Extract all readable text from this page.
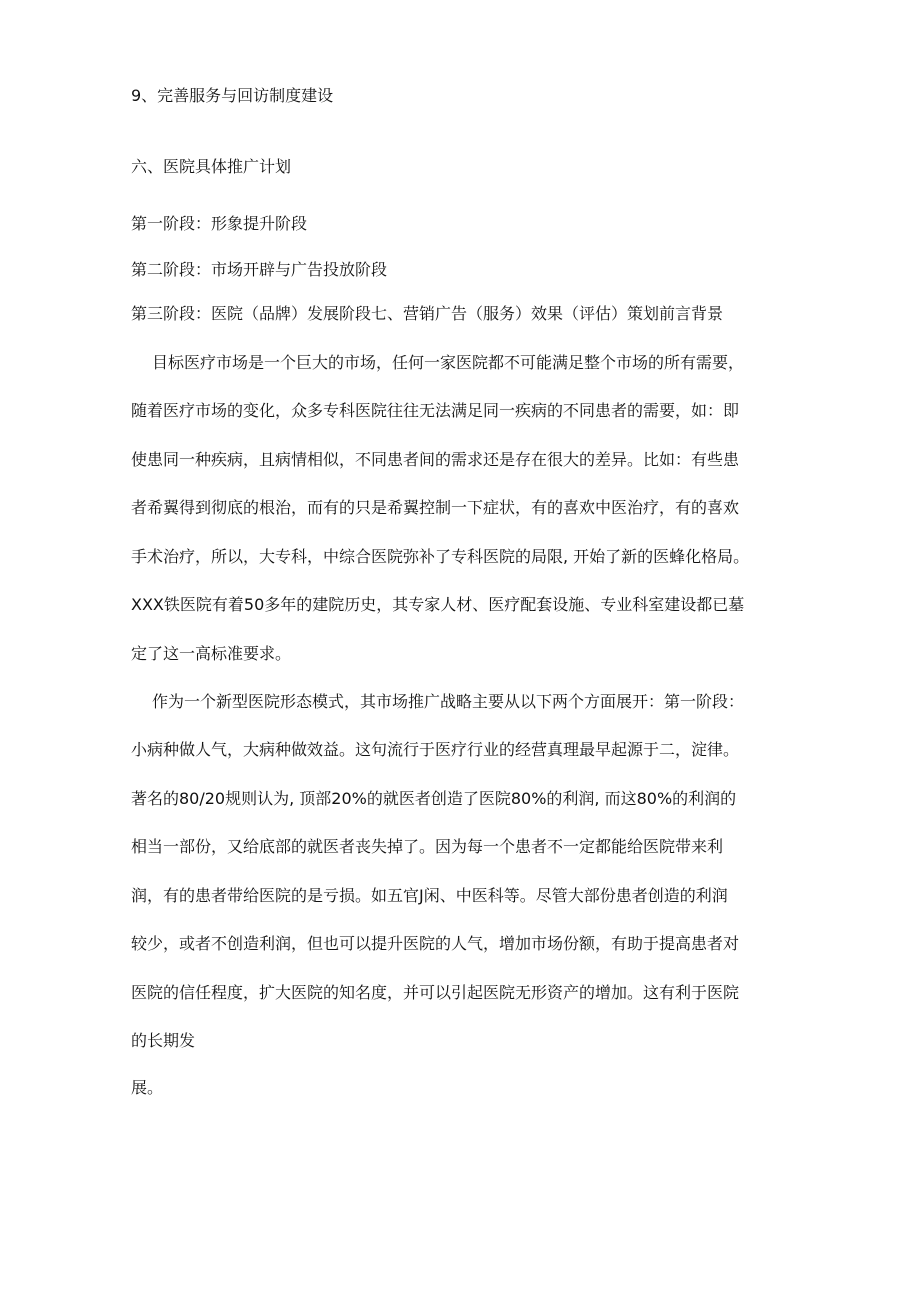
9、完善服务与回访制度建设

六、医院具体推广计划

第一阶段：形象提升阶段

第二阶段：市场开辟与广告投放阶段

第三阶段：医院（品牌）发展阶段七、营销广告（服务）效果（评估）策划前言背景

目标医疗市场是一个巨大的市场，任何一家医院都不可能满足整个市场的所有需要，

随着医疗市场的变化，众多专科医院往往无法满足同一疾病的不同患者的需要，如：即

使患同一种疾病，且病情相似，不同患者间的需求还是存在很大的差异。比如：有些患

者希翼得到彻底的根治，而有的只是希翼控制一下症状，有的喜欢中医治疗，有的喜欢

手术治疗，所以，大专科，中综合医院弥补了专科医院的局限, 开始了新的医蜂化格局。

XXX铁医院有着50多年的建院历史，其专家人材、医疗配套设施、专业科室建设都已墓

定了这一高标准要求。

作为一个新型医院形态模式，其市场推广战略主要从以下两个方面展开：第一阶段：

小病种做人气，大病种做效益。这句流行于医疗行业的经营真理最早起源于二，淀律。

著名的80/20规则认为, 顶部20%的就医者创造了医院80%的利润, 而这80%的利润的

相当一部份，又给底部的就医者丧失掉了。因为每一个患者不一定都能给医院带来利

润，有的患者带给医院的是亏损。如五官J闲、中医科等。尽管大部份患者创造的利润

较少，或者不创造利润，但也可以提升医院的人气，增加市场份额，有助于提高患者对

医院的信任程度，扩大医院的知名度，并可以引起医院无形资产的增加。这有利于医院

的长期发

展。
